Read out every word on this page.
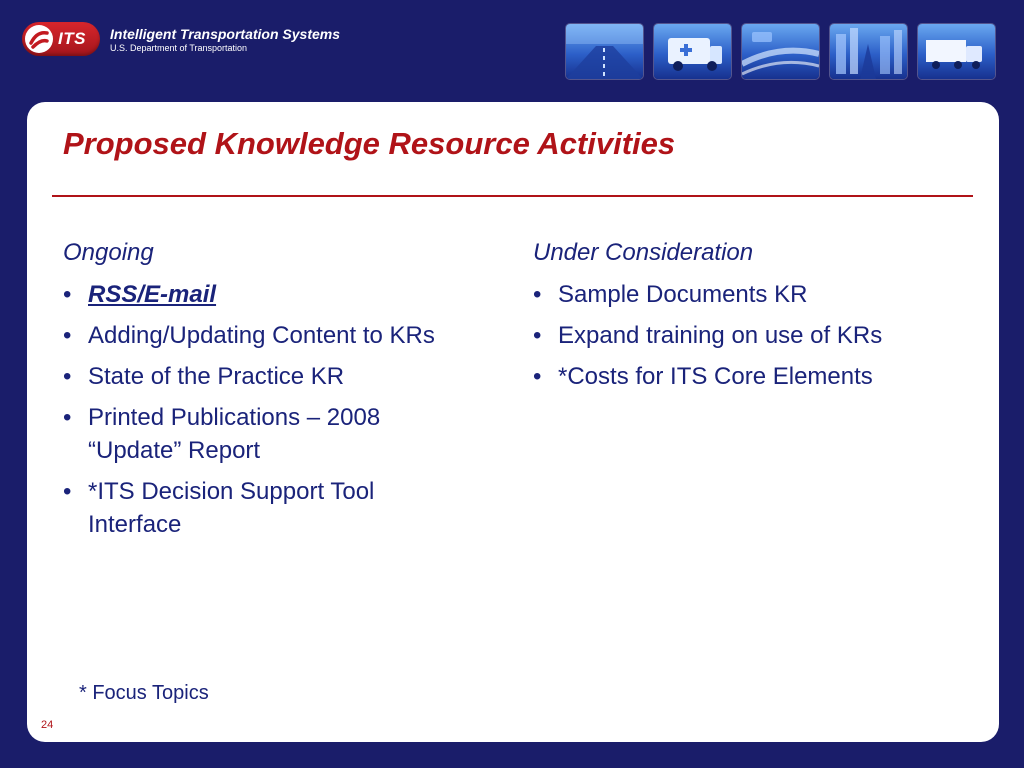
ITS Intelligent Transportation Systems
U.S. Department of Transportation
Proposed Knowledge Resource Activities
Ongoing
• RSS/E-mail
• Adding/Updating Content to KRs
• State of the Practice KR
• Printed Publications – 2008 “Update” Report
• *ITS Decision Support Tool Interface
Under Consideration
• Sample Documents KR
• Expand training on use of KRs
• *Costs for ITS Core Elements
* Focus Topics
24
